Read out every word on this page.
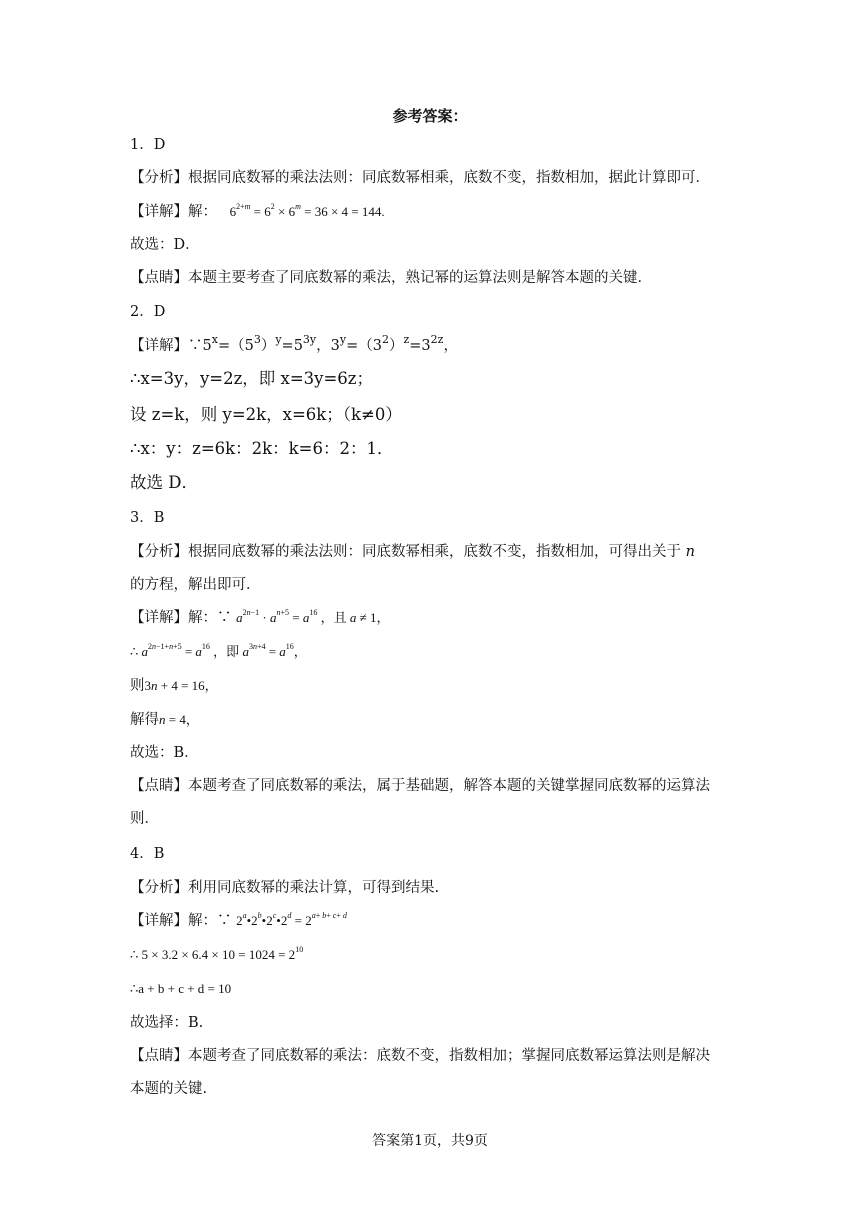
参考答案：
1．D
【分析】根据同底数幂的乘法法则：同底数幂相乘，底数不变，指数相加，据此计算即可．
【详解】解： $6^{2+m} = 6^2 \times 6^m = 36 \times 4 = 144$.
故选：D．
【点睛】本题主要考查了同底数幂的乘法，熟记幂的运算法则是解答本题的关键．
2．D
【详解】$\because 5^x=(5^3)^y=5^{3y}$，$3^y=(3^2)^z=3^{2z}$，
∴x=3y，y=2z，即 x=3y=6z；
设 z=k，则 y=2k，x=6k；（k≠0）
∴x：y：z=6k：2k：k=6：2：1．
故选 D．
3．B
【分析】根据同底数幂的乘法法则：同底数幂相乘，底数不变，指数相加，可得出关于 n
的方程，解出即可．
【详解】解：∵ $a^{2n-1} \cdot a^{n+5} = a^{16}$ ，且 a ≠ 1，
∴ $a^{2n-1+n+5} = a^{16}$ ，即 $a^{3n+4} = a^{16}$，
则3n + 4 = 16，
解得n = 4，
故选：B．
【点睛】本题考查了同底数幂的乘法，属于基础题，解答本题的关键掌握同底数幂的运算法
则．
4．B
【分析】利用同底数幂的乘法计算，可得到结果.
【详解】解：∵ $2^a•2^b•2^c•2^d = 2^{a+ b+ c+ d}$
∴ $5 \times 3.2 \times 6.4 \times 10 = 1024 = 2^{10}$
∴a + b + c + d = 10
故选择：B.
【点睛】本题考查了同底数幂的乘法：底数不变，指数相加；掌握同底数幂运算法则是解决
本题的关键.
答案第1页，共9页
